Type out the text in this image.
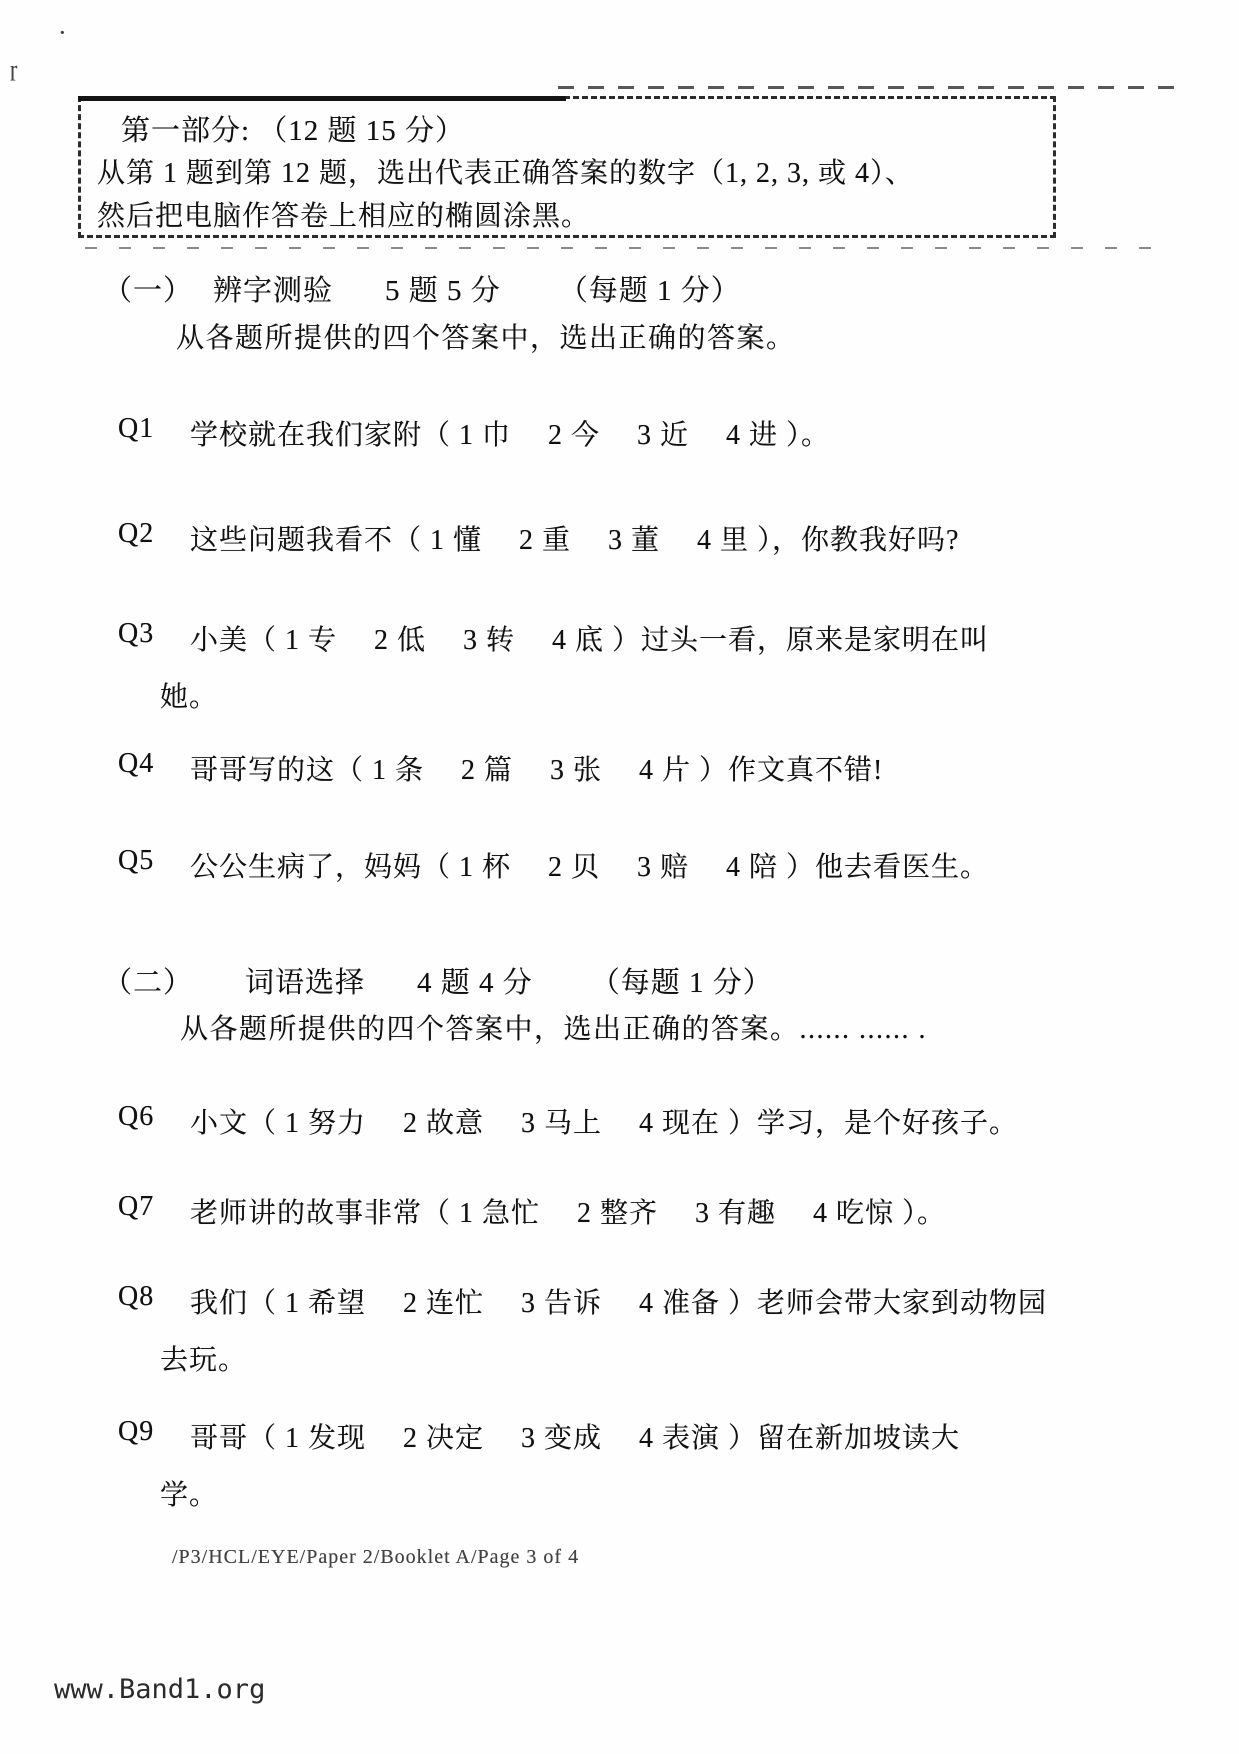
·
ɼ
第一部分: （12 题 15 分）
从第 1 题到第 12 题，选出代表正确答案的数字（1, 2, 3, 或 4）、
然后把电脑作答卷上相应的椭圆涂黑。
（一） 辨字测验 5 题 5 分 （每题 1 分）
从各题所提供的四个答案中，选出正确的答案。
Q1 学校就在我们家附（ 1 巾　 2 今　 3 近　 4 进 ）。
Q2 这些问题我看不（ 1 懂　 2 重　 3 董　 4 里 ），你教我好吗?
Q3 小美（ 1 专　 2 低　 3 转　 4 底 ）过头一看，原来是家明在叫
她。
Q4 哥哥写的这（ 1 条　 2 篇　 3 张　 4 片 ）作文真不错!
Q5 公公生病了，妈妈（ 1 杯　 2 贝　 3 赔　 4 陪 ）他去看医生。
（二） 词语选择 4 题 4 分 （每题 1 分）
从各题所提供的四个答案中，选出正确的答案。...... ...... .
Q6 小文（ 1 努力　 2 故意　 3 马上　 4 现在 ）学习，是个好孩子。
Q7 老师讲的故事非常（ 1 急忙　 2 整齐　 3 有趣　 4 吃惊 ）。
Q8 我们（ 1 希望　 2 连忙　 3 告诉　 4 准备 ）老师会带大家到动物园
去玩。
Q9 哥哥（ 1 发现　 2 决定　 3 变成　 4 表演 ）留在新加坡读大
学。
/P3/HCL/EYE/Paper 2/Booklet A/Page 3 of 4
www.Band1.org
